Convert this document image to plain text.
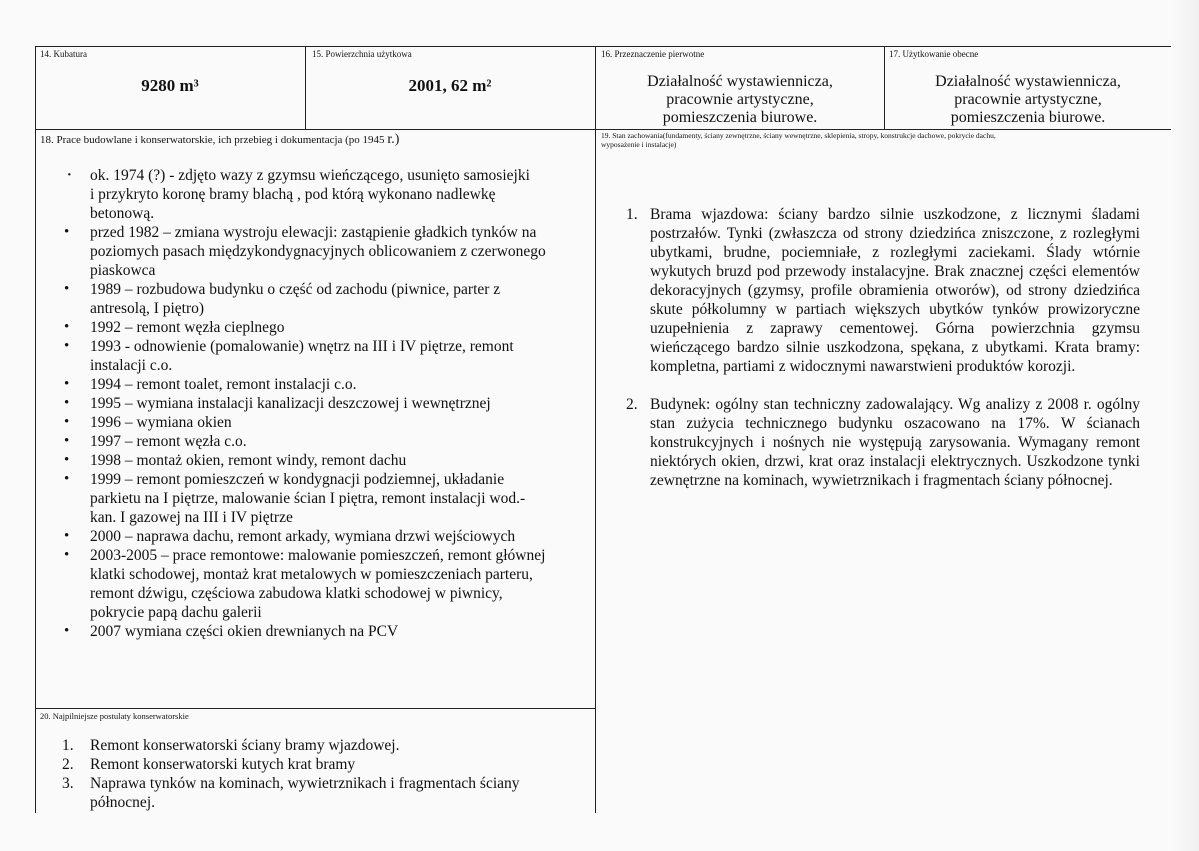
14. Kubatura
9280 m³
15. Powierzchnia użytkowa
2001, 62 m²
16. Przeznaczenie pierwotne
Działalność wystawiennicza,
pracownie artystyczne,
pomieszczenia biurowe.
17. Użytkowanie obecne
Działalność wystawiennicza,
pracownie artystyczne,
pomieszczenia biurowe.
18. Prace budowlane i konserwatorskie, ich przebieg i dokumentacja (po 1945 r.)
· ok. 1974 (?) - zdjęto wazy z gzymsu wieńczącego, usunięto samosiejki
i przykryto koronę bramy blachą , pod którą wykonano nadlewkę
betonową.
• przed 1982 – zmiana wystroju elewacji: zastąpienie gładkich tynków na
poziomych pasach międzykondygnacyjnych oblicowaniem z czerwonego
piaskowca
• 1989 – rozbudowa budynku o część od zachodu (piwnice, parter z
antresolą, I piętro)
• 1992 – remont węzła cieplnego
• 1993 - odnowienie (pomalowanie) wnętrz na III i IV piętrze, remont
instalacji c.o.
• 1994 – remont toalet, remont instalacji c.o.
• 1995 – wymiana instalacji kanalizacji deszczowej i wewnętrznej
• 1996 – wymiana okien
• 1997 – remont węzła c.o.
• 1998 – montaż okien, remont windy, remont dachu
• 1999 – remont pomieszczeń w kondygnacji podziemnej, układanie
parkietu na I piętrze, malowanie ścian I piętra, remont instalacji wod.-
kan. I gazowej na III i IV piętrze
• 2000 – naprawa dachu, remont arkady, wymiana drzwi wejściowych
• 2003-2005 – prace remontowe: malowanie pomieszczeń, remont głównej
klatki schodowej, montaż krat metalowych w pomieszczeniach parteru,
remont dźwigu, częściowa zabudowa klatki schodowej w piwnicy,
pokrycie papą dachu galerii
• 2007 wymiana części okien drewnianych na PCV
19. Stan zachowania(fundamenty, ściany zewnętrzne, ściany wewnętrzne, sklepienia, stropy, konstrukcje dachowe, pokrycie dachu,
wyposażenie i instalacje)
1. Brama wjazdowa: ściany bardzo silnie uszkodzone, z licznymi śladami postrzałów. Tynki (zwłaszcza od strony dziedzińca zniszczone, z rozległymi ubytkami, brudne, pociemniałe, z rozległymi zaciekami. Ślady wtórnie wykutych bruzd pod przewody instalacyjne. Brak znacznej części elementów dekoracyjnych (gzymsy, profile obramienia otworów), od strony dziedzińca skute półkolumny w partiach większych ubytków tynków prowizoryczne uzupełnienia z zaprawy cementowej. Górna powierzchnia gzymsu wieńczącego bardzo silnie uszkodzona, spękana, z ubytkami. Krata bramy: kompletna, partiami z widocznymi nawarstwieni produktów korozji.
2. Budynek: ogólny stan techniczny zadowalający. Wg analizy z 2008 r. ogólny stan zużycia technicznego budynku oszacowano na 17%. W ścianach konstrukcyjnych i nośnych nie występują zarysowania. Wymagany remont niektórych okien, drzwi, krat oraz instalacji elektrycznych. Uszkodzone tynki zewnętrzne na kominach, wywietrznikach i fragmentach ściany północnej.
20. Najpilniejsze postulaty konserwatorskie
1. Remont konserwatorski ściany bramy wjazdowej.
2. Remont konserwatorski kutych krat bramy
3. Naprawa tynków na kominach, wywietrznikach i fragmentach ściany
północnej.
